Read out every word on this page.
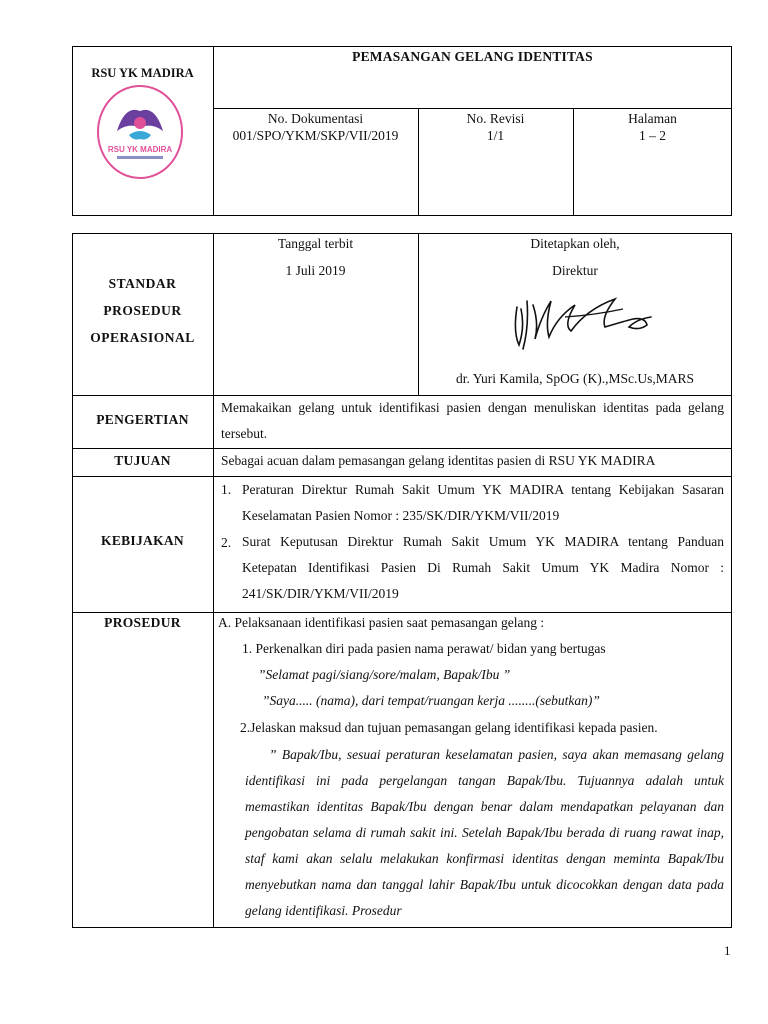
RSU YK MADIRA
RSU YK MADIRA
PEMASANGAN GELANG IDENTITAS
No. Dokumentasi
001/SPO/YKM/SKP/VII/2019
No. Revisi
1/1
Halaman
1 – 2
STANDAR
PROSEDUR
OPERASIONAL
Tanggal terbit
1 Juli 2019
Ditetapkan oleh,
Direktur
dr. Yuri Kamila, SpOG (K).,MSc.Us,MARS
PENGERTIAN
Memakaikan gelang untuk identifikasi pasien dengan menuliskan identitas pada gelang tersebut.
TUJUAN	Sebagai acuan dalam pemasangan gelang identitas pasien di RSU YK MADIRA
KEBIJAKAN
1. Peraturan Direktur Rumah Sakit Umum YK MADIRA tentang Kebijakan Sasaran Keselamatan Pasien Nomor : 235/SK/DIR/YKM/VII/2019
2. Surat Keputusan Direktur Rumah Sakit Umum YK MADIRA tentang Panduan Ketepatan Identifikasi Pasien Di Rumah Sakit Umum YK Madira Nomor : 241/SK/DIR/YKM/VII/2019
PROSEDUR	A. Pelaksanaan identifikasi pasien saat pemasangan gelang :
1. Perkenalkan diri pada pasien nama perawat/ bidan yang bertugas
”Selamat pagi/siang/sore/malam, Bapak/Ibu ”
”Saya..... (nama), dari tempat/ruangan kerja ........(sebutkan)”
2.Jelaskan maksud dan tujuan pemasangan gelang identifikasi kepada pasien.
” Bapak/Ibu, sesuai peraturan keselamatan pasien, saya akan memasang gelang identifikasi ini pada pergelangan tangan Bapak/Ibu. Tujuannya adalah untuk memastikan identitas Bapak/Ibu dengan benar dalam mendapatkan pelayanan dan pengobatan selama di rumah sakit ini. Setelah Bapak/Ibu berada di ruang rawat inap, staf kami akan selalu melakukan konfirmasi identitas dengan meminta Bapak/Ibu menyebutkan nama dan tanggal lahir Bapak/Ibu untuk dicocokkan dengan data pada gelang identifikasi. Prosedur
1
